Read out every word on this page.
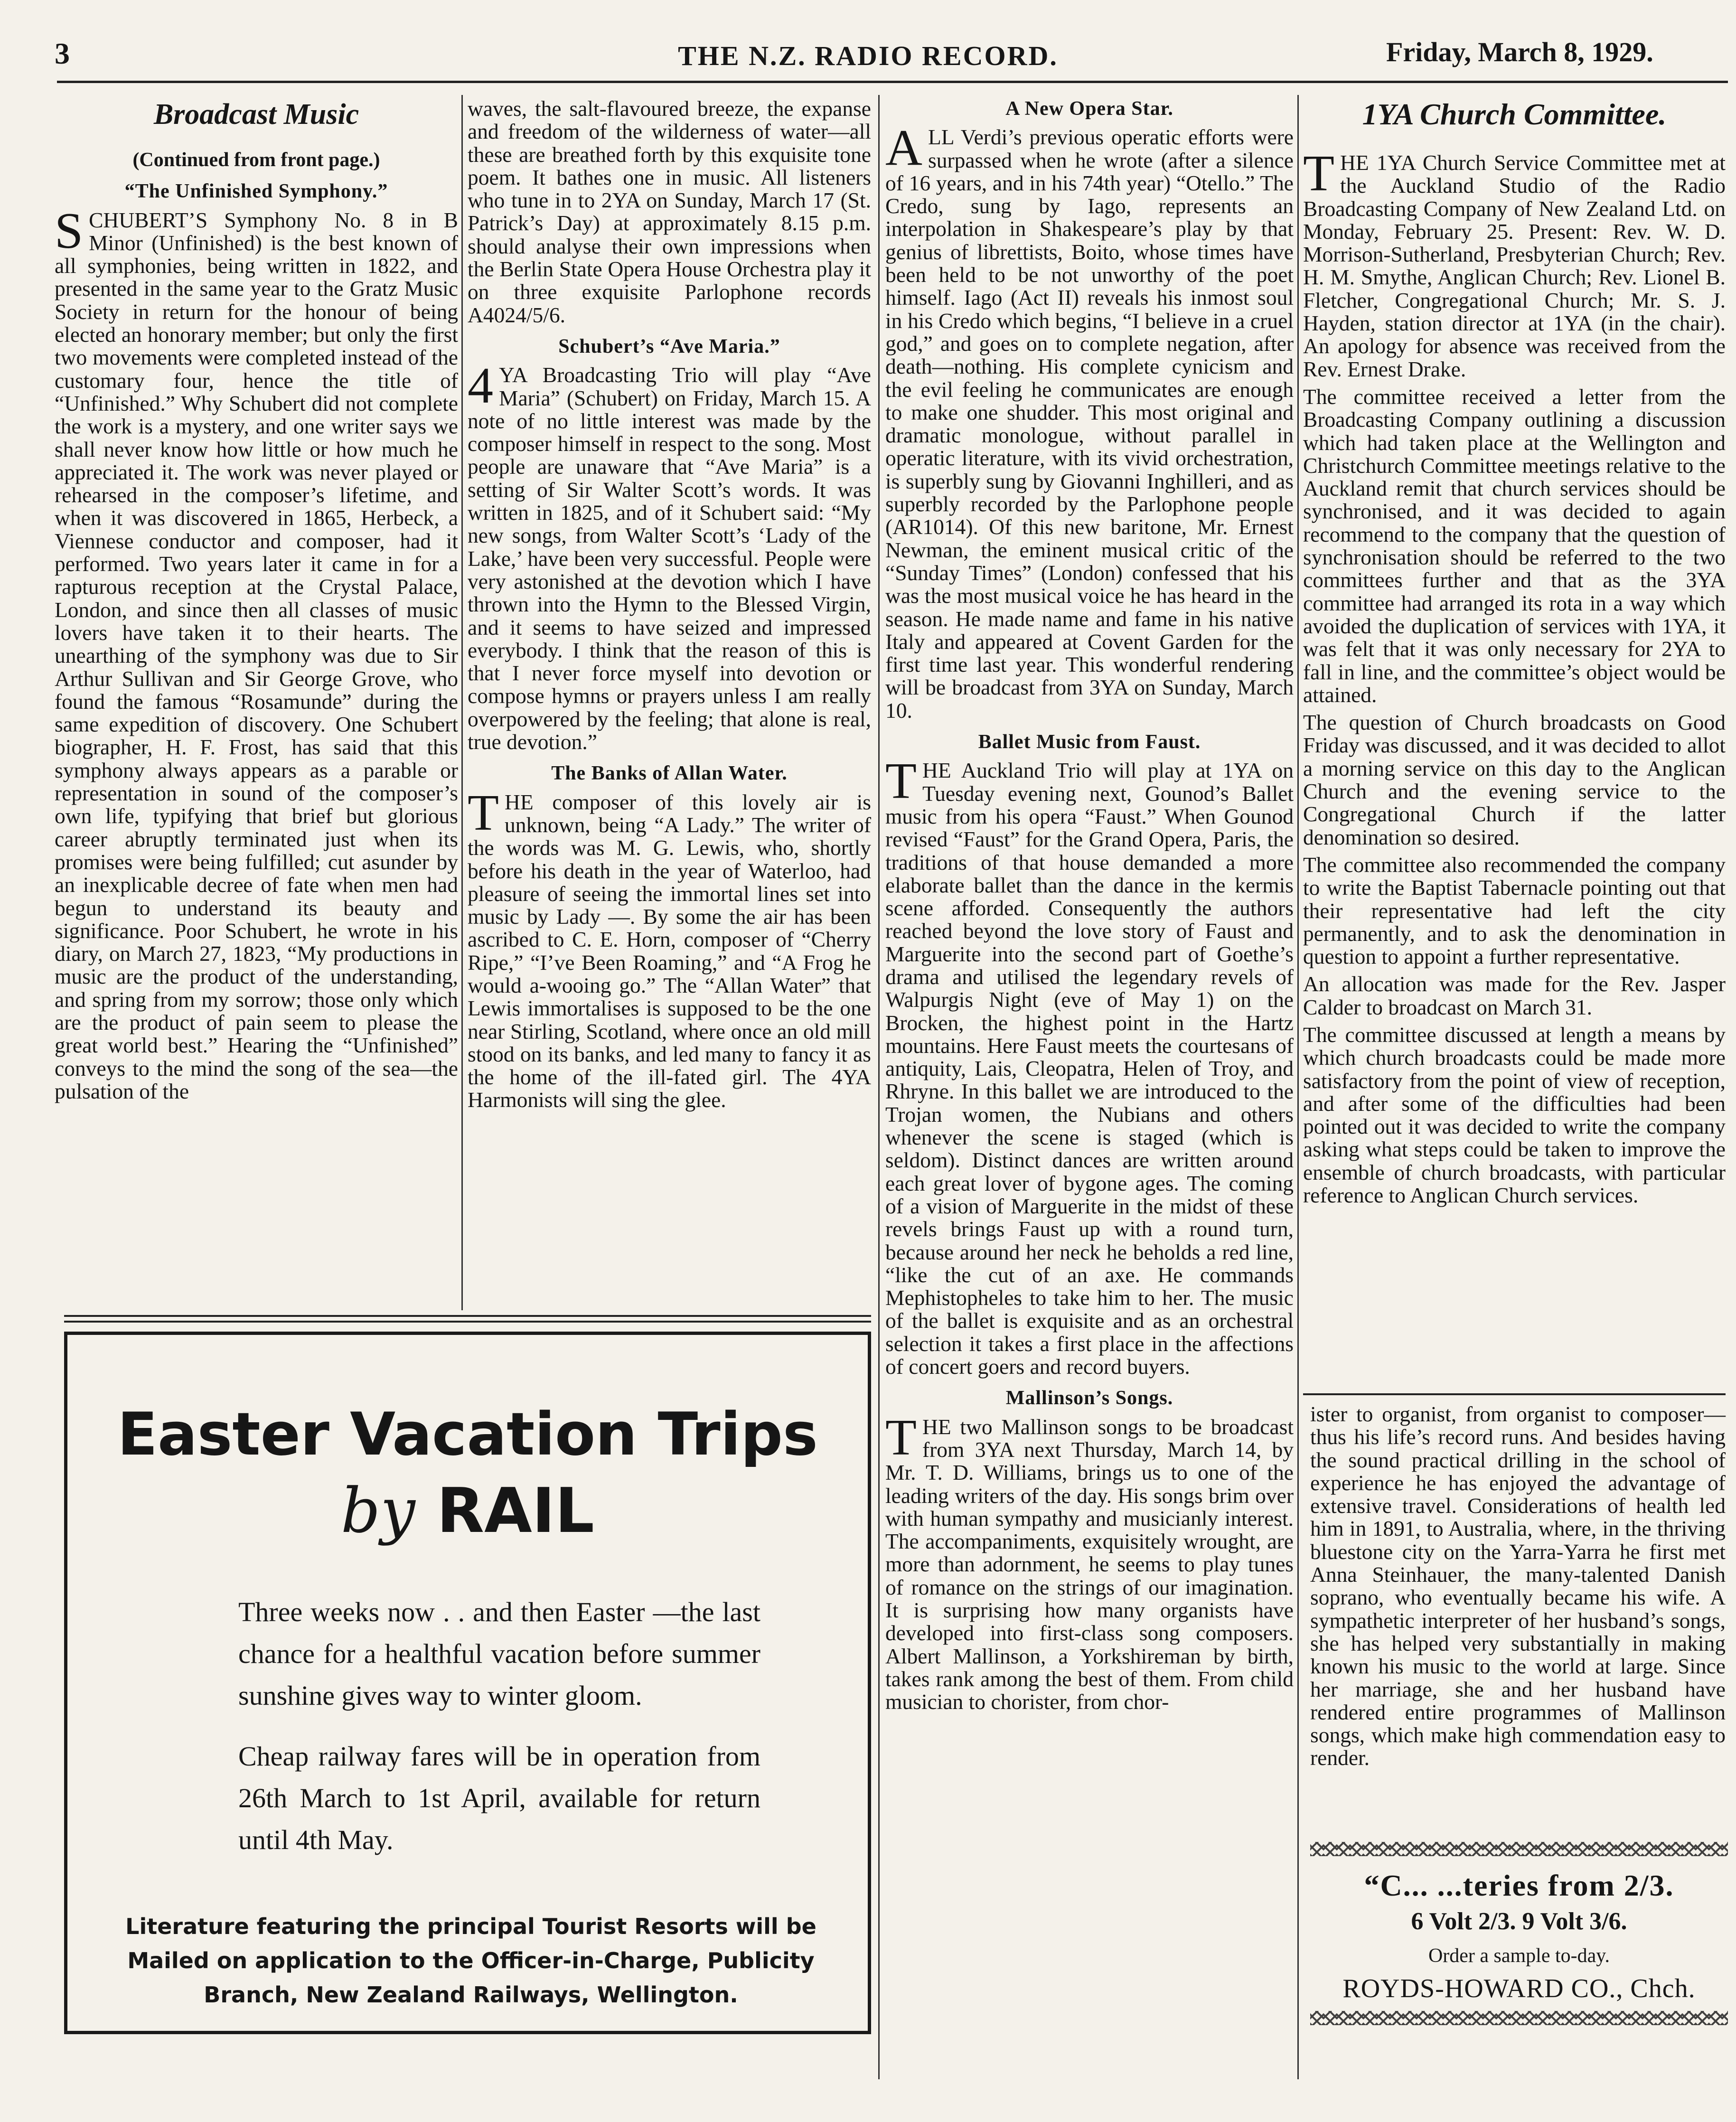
3	THE N.Z. RADIO RECORD.	Friday, March 8, 1929.
Broadcast Music
(Continued from front page.)
“The Unfinished Symphony.”

SCHUBERT’S Symphony No. 8 in B Minor (Unfinished) is the best known of all symphonies, being written in 1822, and presented in the same year to the Gratz Music Society in return for the honour of being elected an honorary member; but only the first two movements were completed instead of the customary four, hence the title of “Unfinished.” Why Schubert did not complete the work is a mystery, and one writer says we shall never know how little or how much he appreciated it. The work was never played or rehearsed in the composer’s lifetime, and when it was discovered in 1865, Herbeck, a Viennese conductor and composer, had it performed. Two years later it came in for a rapturous reception at the Crystal Palace, London, and since then all classes of music lovers have taken it to their hearts. The unearthing of the symphony was due to Sir Arthur Sullivan and Sir George Grove, who found the famous “Rosamunde” during the same expedition of discovery. One Schubert biographer, H. F. Frost, has said that this symphony always appears as a parable or representation in sound of the composer’s own life, typifying that brief but glorious career abruptly terminated just when its promises were being fulfilled; cut asunder by an inexplicable decree of fate when men had begun to understand its beauty and significance. Poor Schubert, he wrote in his diary, on March 27, 1823, “My productions in music are the product of the understanding, and spring from my sorrow; those only which are the product of pain seem to please the great world best.” Hearing the “Unfinished” conveys to the mind the song of the sea—the pulsation of the

waves, the salt-flavoured breeze, the expanse and freedom of the wilderness of water—all these are breathed forth by this exquisite tone poem. It bathes one in music. All listeners who tune in to 2YA on Sunday, March 17 (St. Patrick’s Day) at approximately 8.15 p.m. should analyse their own impressions when the Berlin State Opera House Orchestra play it on three exquisite Parlophone records A4024/5/6.

Schubert’s “Ave Maria.”

4 YA Broadcasting Trio will play “Ave Maria” (Schubert) on Friday, March 15. A note of no little interest was made by the composer himself in respect to the song. Most people are unaware that “Ave Maria” is a setting of Sir Walter Scott’s words. It was written in 1825, and of it Schubert said: “My new songs, from Walter Scott’s ‘Lady of the Lake,’ have been very successful. People were very astonished at the devotion which I have thrown into the Hymn to the Blessed Virgin, and it seems to have seized and impressed everybody. I think that the reason of this is that I never force myself into devotion or compose hymns or prayers unless I am really overpowered by the feeling; that alone is real, true devotion.”

The Banks of Allan Water.

THE composer of this lovely air is unknown, being “A Lady.” The writer of the words was M. G. Lewis, who, shortly before his death in the year of Waterloo, had pleasure of seeing the immortal lines set into music by Lady —. By some the air has been ascribed to C. E. Horn, composer of “Cherry Ripe,” “I’ve Been Roaming,” and “A Frog he would a-wooing go.” The “Allan Water” that Lewis immortalises is supposed to be the one near Stirling, Scotland, where once an old mill stood on its banks, and led many to fancy it as the home of the ill-fated girl. The 4YA Harmonists will sing the glee.

A New Opera Star.

ALL Verdi’s previous operatic efforts were surpassed when he wrote (after a silence of 16 years, and in his 74th year) “Otello.” The Credo, sung by Iago, represents an interpolation in Shakespeare’s play by that genius of librettists, Boito, whose times have been held to be not unworthy of the poet himself. Iago (Act II) reveals his inmost soul in his Credo which begins, “I believe in a cruel god,” and goes on to complete negation, after death—nothing. His complete cynicism and the evil feeling he communicates are enough to make one shudder. This most original and dramatic monologue, without parallel in operatic literature, with its vivid orchestration, is superbly sung by Giovanni Inghilleri, and as superbly recorded by the Parlophone people (AR1014). Of this new baritone, Mr. Ernest Newman, the eminent musical critic of the “Sunday Times” (London) confessed that his was the most musical voice he has heard in the season. He made name and fame in his native Italy and appeared at Covent Garden for the first time last year. This wonderful rendering will be broadcast from 3YA on Sunday, March 10.

Ballet Music from Faust.

THE Auckland Trio will play at 1YA on Tuesday evening next, Gounod’s Ballet music from his opera “Faust.” When Gounod revised “Faust” for the Grand Opera, Paris, the traditions of that house demanded a more elaborate ballet than the dance in the kermis scene afforded. Consequently the authors reached beyond the love story of Faust and Marguerite into the second part of Goethe’s drama and utilised the legendary revels of Walpurgis Night (eve of May 1) on the Brocken, the highest point in the Hartz mountains. Here Faust meets the courtesans of antiquity, Lais, Cleopatra, Helen of Troy, and Rhryne. In this ballet we are introduced to the Trojan women, the Nubians and others whenever the scene is staged (which is seldom). Distinct dances are written around each great lover of bygone ages. The coming of a vision of Marguerite in the midst of these revels brings Faust up with a round turn, because around her neck he beholds a red line, “like the cut of an axe. He commands Mephistopheles to take him to her. The music of the ballet is exquisite and as an orchestral selection it takes a first place in the affections of concert goers and record buyers.

Mallinson’s Songs.

THE two Mallinson songs to be broadcast from 3YA next Thursday, March 14, by Mr. T. D. Williams, brings us to one of the leading writers of the day. His songs brim over with human sympathy and musicianly interest. The accompaniments, exquisitely wrought, are more than adornment, he seems to play tunes of romance on the strings of our imagination. It is surprising how many organists have developed into first-class song composers. Albert Mallinson, a Yorkshireman by birth, takes rank among the best of them. From child musician to chorister, from chor-

1YA Church Committee.

THE 1YA Church Service Committee met at the Auckland Studio of the Radio Broadcasting Company of New Zealand Ltd. on Monday, February 25. Present: Rev. W. D. Morrison-Sutherland, Presbyterian Church; Rev. H. M. Smythe, Anglican Church; Rev. Lionel B. Fletcher, Congregational Church; Mr. S. J. Hayden, station director at 1YA (in the chair). An apology for absence was received from the Rev. Ernest Drake.

The committee received a letter from the Broadcasting Company outlining a discussion which had taken place at the Wellington and Christchurch Committee meetings relative to the Auckland remit that church services should be synchronised, and it was decided to again recommend to the company that the question of synchronisation should be referred to the two committees further and that as the 3YA committee had arranged its rota in a way which avoided the duplication of services with 1YA, it was felt that it was only necessary for 2YA to fall in line, and the committee’s object would be attained.

The question of Church broadcasts on Good Friday was discussed, and it was decided to allot a morning service on this day to the Anglican Church and the evening service to the Congregational Church if the latter denomination so desired.

The committee also recommended the company to write the Baptist Tabernacle pointing out that their representative had left the city permanently, and to ask the denomination in question to appoint a further representative.

An allocation was made for the Rev. Jasper Calder to broadcast on March 31.

The committee discussed at length a means by which church broadcasts could be made more satisfactory from the point of view of reception, and after some of the difficulties had been pointed out it was decided to write the company asking what steps could be taken to improve the ensemble of church broadcasts, with particular reference to Anglican Church services.

ister to organist, from organist to composer—thus his life’s record runs. And besides having the sound practical drilling in the school of experience he has enjoyed the advantage of extensive travel. Considerations of health led him in 1891, to Australia, where, in the thriving bluestone city on the Yarra-Yarra he first met Anna Steinhauer, the many-talented Danish soprano, who eventually became his wife. A sympathetic interpreter of her husband’s songs, she has helped very substantially in making known his music to the world at large. Since her marriage, she and her husband have rendered entire programmes of Mallinson songs, which make high commendation easy to render.

Easter Vacation Trips
by RAIL

Three weeks now . . and then Easter —the last chance for a healthful vacation before summer sunshine gives way to winter gloom.

Cheap railway fares will be in operation from 26th March to 1st April, available for return until 4th May.

Literature featuring the principal Tourist Resorts will be Mailed on application to the Officer-in-Charge, Publicity Branch, New Zealand Railways, Wellington.
“C... ...teries from 2/3.
6 Volt 2/3. 9 Volt 3/6.
Order a sample to-day.
ROYDS-HOWARD CO., Chch.
